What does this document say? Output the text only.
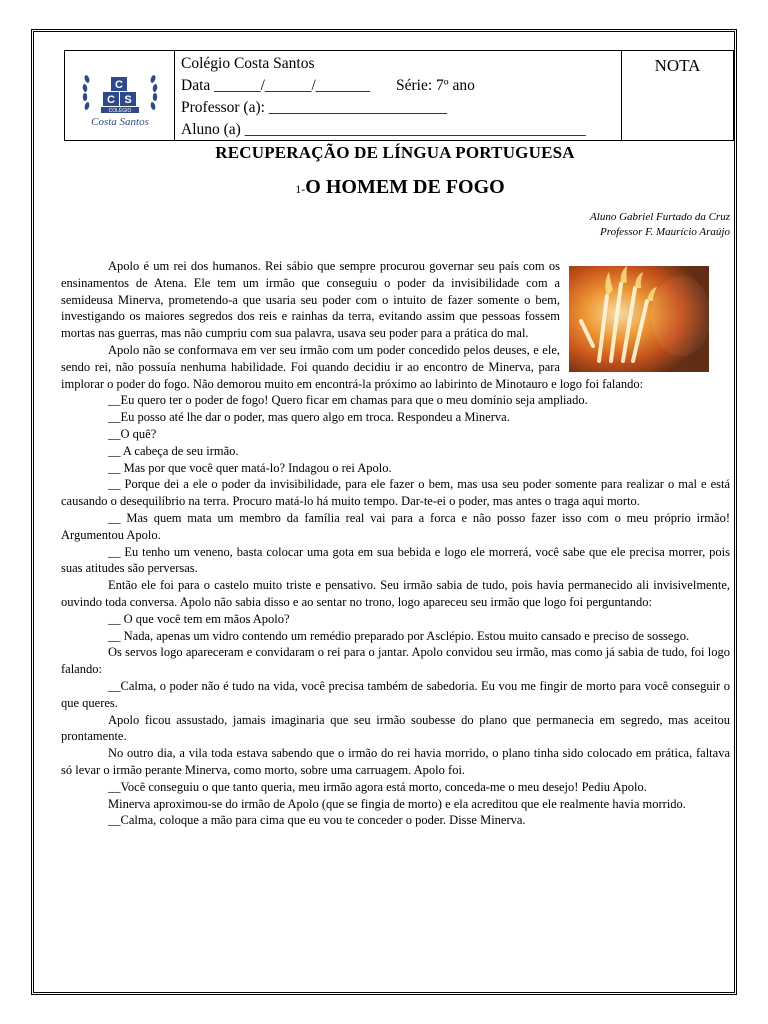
C
C S
COLÉGIO
Costa Santos
Colégio Costa Santos
Data ______/______/_______ Série: 7º ano
Professor (a): _______________________
Aluno (a) ____________________________________________
NOTA
RECUPERAÇÃO DE LÍNGUA PORTUGUESA
1-O HOMEM DE FOGO
Aluno Gabriel Furtado da Cruz
Professor F. Maurício Araújo

Apolo é um rei dos humanos. Rei sábio que sempre procurou governar seu país com os ensinamentos de Atena. Ele tem um irmão que conseguiu o poder da invisibilidade com a semideusa Minerva, prometendo-a que usaria seu poder com o intuito de fazer somente o bem, investigando os maiores segredos dos reis e rainhas da terra, evitando assim que pessoas fossem mortas nas guerras, mas não cumpriu com sua palavra, usava seu poder para a prática do mal.

Apolo não se conformava em ver seu irmão com um poder concedido pelos deuses, e ele, sendo rei, não possuía nenhuma habilidade. Foi quando decidiu ir ao encontro de Minerva, para implorar o poder do fogo. Não demorou muito em encontrá-la próximo ao labirinto de Minotauro e logo foi falando:

__Eu quero ter o poder de fogo! Quero ficar em chamas para que o meu domínio seja ampliado.

__Eu posso até lhe dar o poder, mas quero algo em troca. Respondeu a Minerva.

__O quê?

__ A cabeça de seu irmão.

__ Mas por que você quer matá-lo? Indagou o rei Apolo.

__ Porque dei a ele o poder da invisibilidade, para ele fazer o bem, mas usa seu poder somente para realizar o mal e está causando o desequilíbrio na terra. Procuro matá-lo há muito tempo. Dar-te-ei o poder, mas antes o traga aqui morto.

__ Mas quem mata um membro da família real vai para a forca e não posso fazer isso com o meu próprio irmão! Argumentou Apolo.

__ Eu tenho um veneno, basta colocar uma gota em sua bebida e logo ele morrerá, você sabe que ele precisa morrer, pois suas atitudes são perversas.

Então ele foi para o castelo muito triste e pensativo. Seu irmão sabia de tudo, pois havia permanecido ali invisivelmente, ouvindo toda conversa. Apolo não sabia disso e ao sentar no trono, logo apareceu seu irmão que logo foi perguntando:

__ O que você tem em mãos Apolo?

__ Nada, apenas um vidro contendo um remédio preparado por Asclépio. Estou muito cansado e preciso de sossego.

Os servos logo apareceram e convidaram o rei para o jantar. Apolo convidou seu irmão, mas como já sabia de tudo, foi logo falando:

__Calma, o poder não é tudo na vida, você precisa também de sabedoria. Eu vou me fingir de morto para você conseguir o que queres.

Apolo ficou assustado, jamais imaginaria que seu irmão soubesse do plano que permanecia em segredo, mas aceitou prontamente.

No outro dia, a vila toda estava sabendo que o irmão do rei havia morrido, o plano tinha sido colocado em prática, faltava só levar o irmão perante Minerva, como morto, sobre uma carruagem. Apolo foi.

__Você conseguiu o que tanto queria, meu irmão agora está morto, conceda-me o meu desejo! Pediu Apolo.

Minerva aproximou-se do irmão de Apolo (que se fingia de morto) e ela acreditou que ele realmente havia morrido.

__Calma, coloque a mão para cima que eu vou te conceder o poder. Disse Minerva.
